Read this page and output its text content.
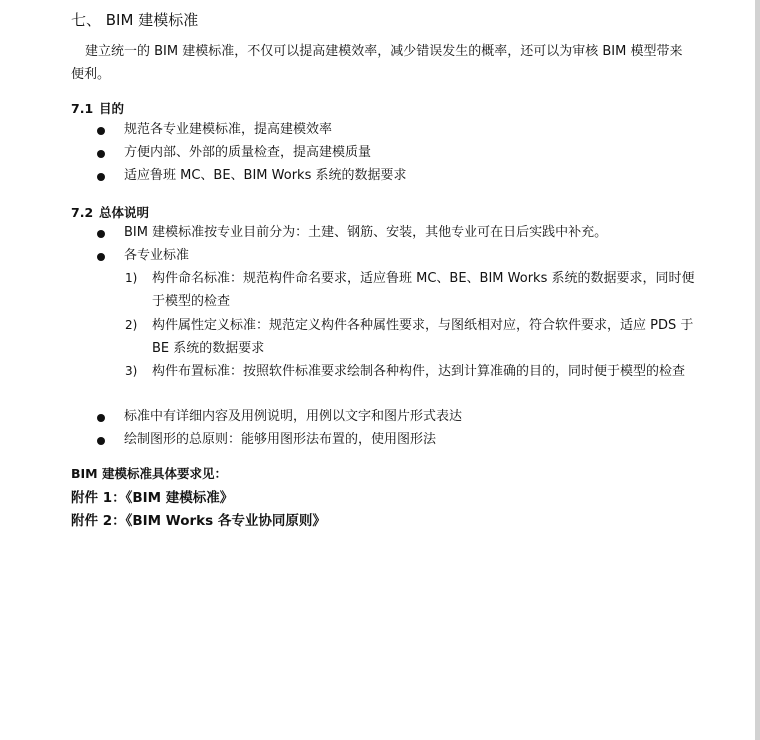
七、 BIM 建模标准

建立统一的 BIM 建模标准，不仅可以提高建模效率，减少错误发生的概率，还可以为审核 BIM 模型带来便利。

7.1 目的
规范各专业建模标准，提高建模效率
方便内部、外部的质量检查，提高建模质量
适应鲁班 MC、BE、BIM Works 系统的数据要求
7.2 总体说明
BIM 建模标准按专业目前分为：土建、钢筋、安装，其他专业可在日后实践中补充。
各专业标准
1) 构件命名标准：规范构件命名要求，适应鲁班 MC、BE、BIM Works 系统的数据要求，同时便于模型的检查
2) 构件属性定义标准：规范定义构件各种属性要求，与图纸相对应，符合软件要求，适应 PDS 于 BE 系统的数据要求
3) 构件布置标准：按照软件标准要求绘制各种构件，达到计算准确的目的，同时便于模型的检查
标准中有详细内容及用例说明，用例以文字和图片形式表达
绘制图形的总原则：能够用图形法布置的，使用图形法

BIM 建模标准具体要求见：

附件 1：《BIM 建模标准》

附件 2：《BIM Works 各专业协同原则》
